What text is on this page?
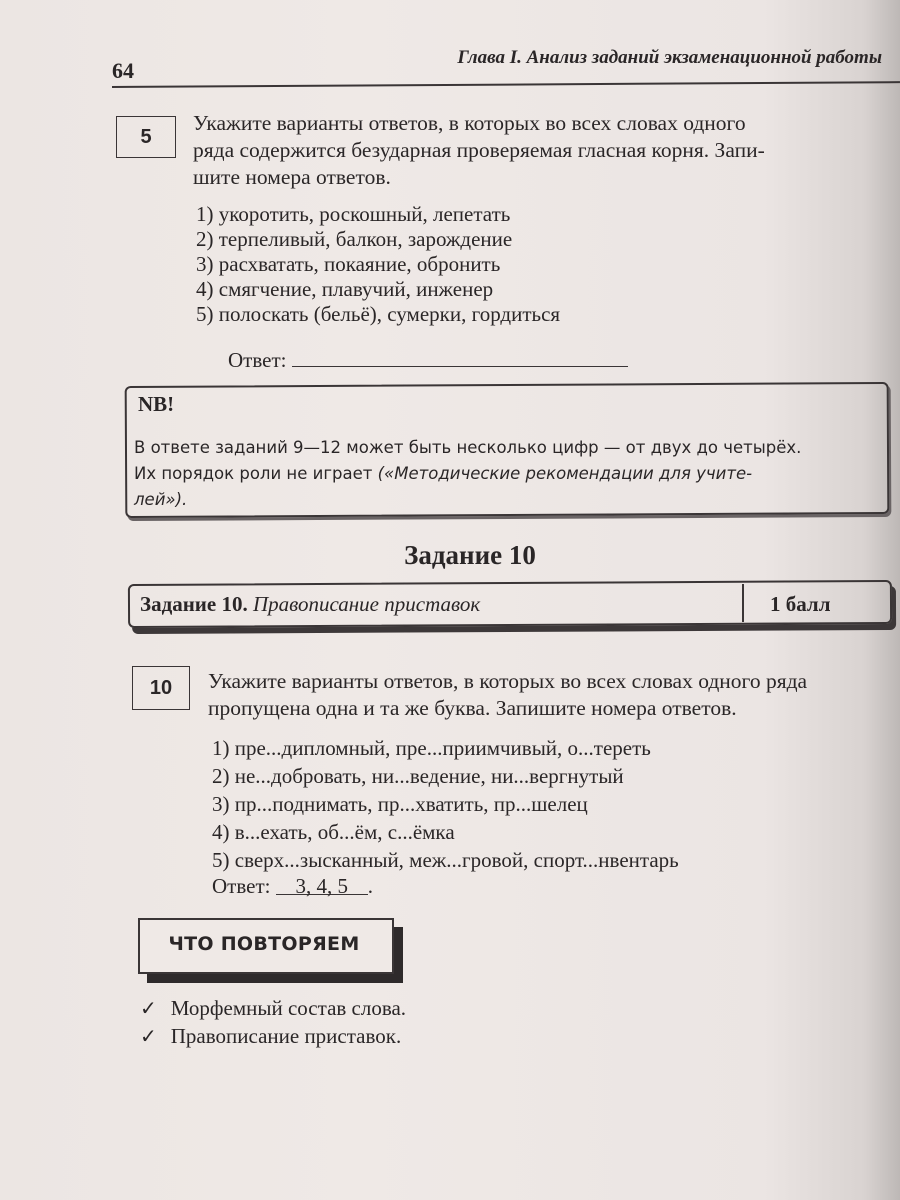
64
Глава I. Анализ заданий экзаменационной работы
5
Укажите варианты ответов, в которых во всех словах одного
ряда содержится безударная проверяемая гласная корня. Запи-
шите номера ответов.
1) укоротить, роскошный, лепетать
2) терпеливый, балкон, зарождение
3) расхватать, покаяние, обронить
4) смягчение, плавучий, инженер
5) полоскать (бельё), сумерки, гордиться
Ответ:
NB!
В ответе заданий 9—12 может быть несколько цифр — от двух до четырёх.
Их порядок роли не играет («Методические рекомендации для учите-
лей»).
Задание 10
Задание 10. Правописание приставок	1 балл
10	Укажите варианты ответов, в которых во всех словах одного ряда
пропущена одна и та же буква. Запишите номера ответов.
1) пре...дипломный, пре...приимчивый, о...тереть
2) не...добровать, ни...ведение, ни...вергнутый
3) пр...поднимать, пр...хватить, пр...шелец
4) в...ехать, об...ём, с...ёмка
5) сверх...зысканный, меж...гровой, спорт...нвентарь
Ответ: 3, 4, 5 .
ЧТО ПОВТОРЯЕМ
✓ Морфемный состав слова.
✓ Правописание приставок.
